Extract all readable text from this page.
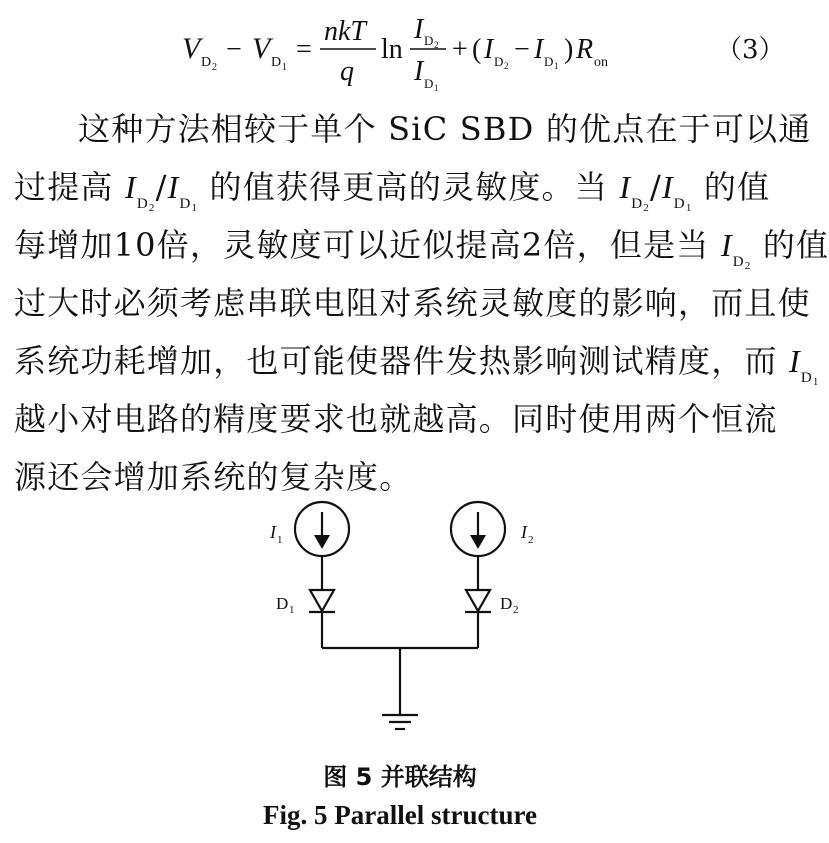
V D 2
− V D 1
=
nkT
q
ln
I D 2
I D 1
+ ( I D 2
− I D 1
) R on	（3）
这种方法相较于单个 SiC SBD 的优点在于可以通
过提高 $I_{D_2}/I_{D_1}$ 的值获得更高的灵敏度。当 $I_{D_2}/I_{D_1}$ 的值
每增加10倍，灵敏度可以近似提高2倍，但是当 $I_{D_2}$ 的值
过大时必须考虑串联电阻对系统灵敏度的影响，而且使
系统功耗增加，也可能使器件发热影响测试精度，而 $I_{D_1}$
越小对电路的精度要求也就越高。同时使用两个恒流
源还会增加系统的复杂度。
I 1	I 2
D 1	D 2
图 5 并联结构
Fig. 5 Parallel structure
